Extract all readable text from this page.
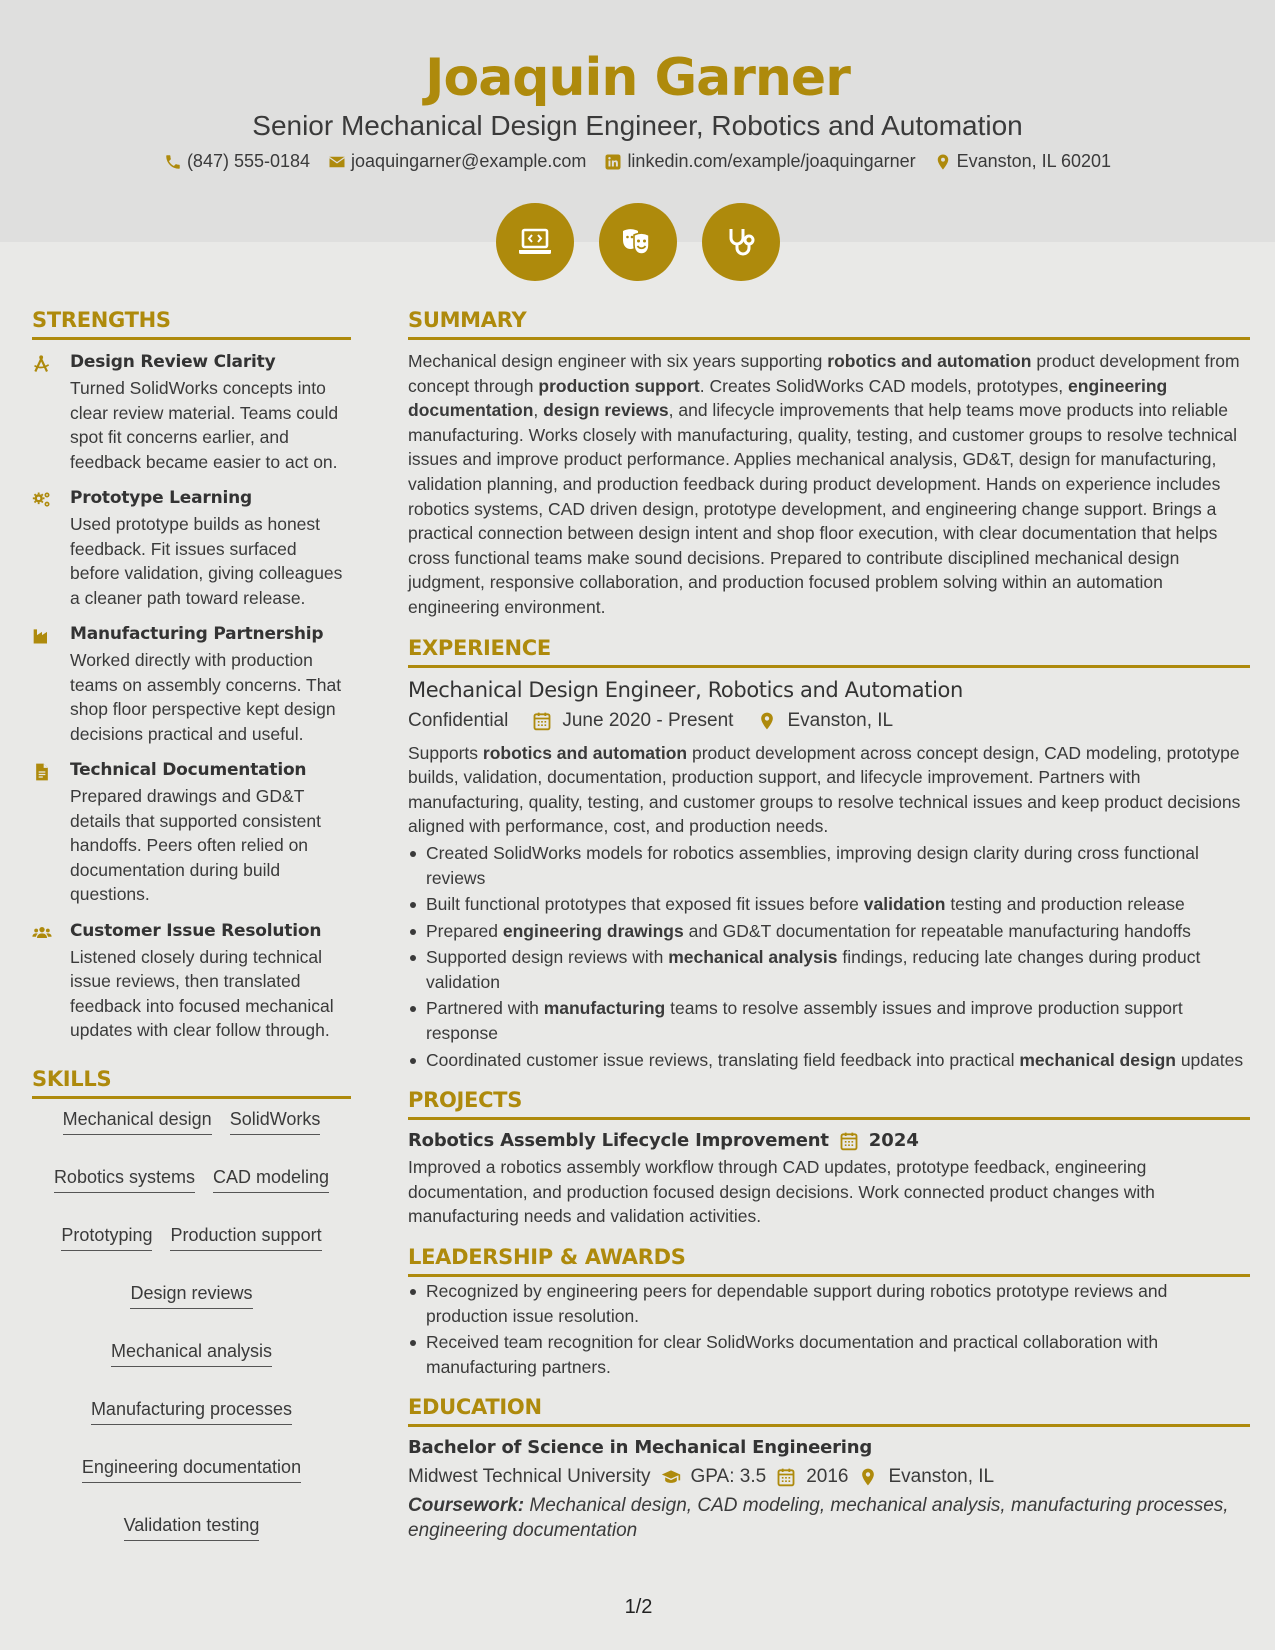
Joaquin Garner
Senior Mechanical Design Engineer, Robotics and Automation
(847) 555-0184 joaquingarner@example.com linkedin.com/example/joaquingarner Evanston, IL 60201
STRENGTHS
Design Review Clarity
Turned SolidWorks concepts into clear review material. Teams could spot fit concerns earlier, and feedback became easier to act on.
Prototype Learning
Used prototype builds as honest feedback. Fit issues surfaced before validation, giving colleagues a cleaner path toward release.
Manufacturing Partnership
Worked directly with production teams on assembly concerns. That shop floor perspective kept design decisions practical and useful.
Technical Documentation
Prepared drawings and GD&T details that supported consistent handoffs. Peers often relied on documentation during build questions.
Customer Issue Resolution
Listened closely during technical issue reviews, then translated feedback into focused mechanical updates with clear follow through.
SKILLS
Mechanical design SolidWorks
Robotics systems CAD modeling
Prototyping Production support
Design reviews
Mechanical analysis
Manufacturing processes
Engineering documentation
Validation testing
SUMMARY
Mechanical design engineer with six years supporting robotics and automation product development from concept through production support. Creates SolidWorks CAD models, prototypes, engineering documentation, design reviews, and lifecycle improvements that help teams move products into reliable manufacturing. Works closely with manufacturing, quality, testing, and customer groups to resolve technical issues and improve product performance. Applies mechanical analysis, GD&T, design for manufacturing, validation planning, and production feedback during product development. Hands on experience includes robotics systems, CAD driven design, prototype development, and engineering change support. Brings a practical connection between design intent and shop floor execution, with clear documentation that helps cross functional teams make sound decisions. Prepared to contribute disciplined mechanical design judgment, responsive collaboration, and production focused problem solving within an automation engineering environment.
EXPERIENCE
Mechanical Design Engineer, Robotics and Automation
Confidential	June 2020 - Present	Evanston, IL
Supports robotics and automation product development across concept design, CAD modeling, prototype builds, validation, documentation, production support, and lifecycle improvement. Partners with manufacturing, quality, testing, and customer groups to resolve technical issues and keep product decisions aligned with performance, cost, and production needs.
Created SolidWorks models for robotics assemblies, improving design clarity during cross functional reviews
Built functional prototypes that exposed fit issues before validation testing and production release
Prepared engineering drawings and GD&T documentation for repeatable manufacturing handoffs
Supported design reviews with mechanical analysis findings, reducing late changes during product validation
Partnered with manufacturing teams to resolve assembly issues and improve production support response
Coordinated customer issue reviews, translating field feedback into practical mechanical design updates
PROJECTS
Robotics Assembly Lifecycle Improvement 2024
Improved a robotics assembly workflow through CAD updates, prototype feedback, engineering documentation, and production focused design decisions. Work connected product changes with manufacturing needs and validation activities.
LEADERSHIP & AWARDS
Recognized by engineering peers for dependable support during robotics prototype reviews and production issue resolution.
Received team recognition for clear SolidWorks documentation and practical collaboration with manufacturing partners.
EDUCATION
Bachelor of Science in Mechanical Engineering
Midwest Technical University GPA: 3.5 2016 Evanston, IL
Coursework: Mechanical design, CAD modeling, mechanical analysis, manufacturing processes, engineering documentation
1/2
